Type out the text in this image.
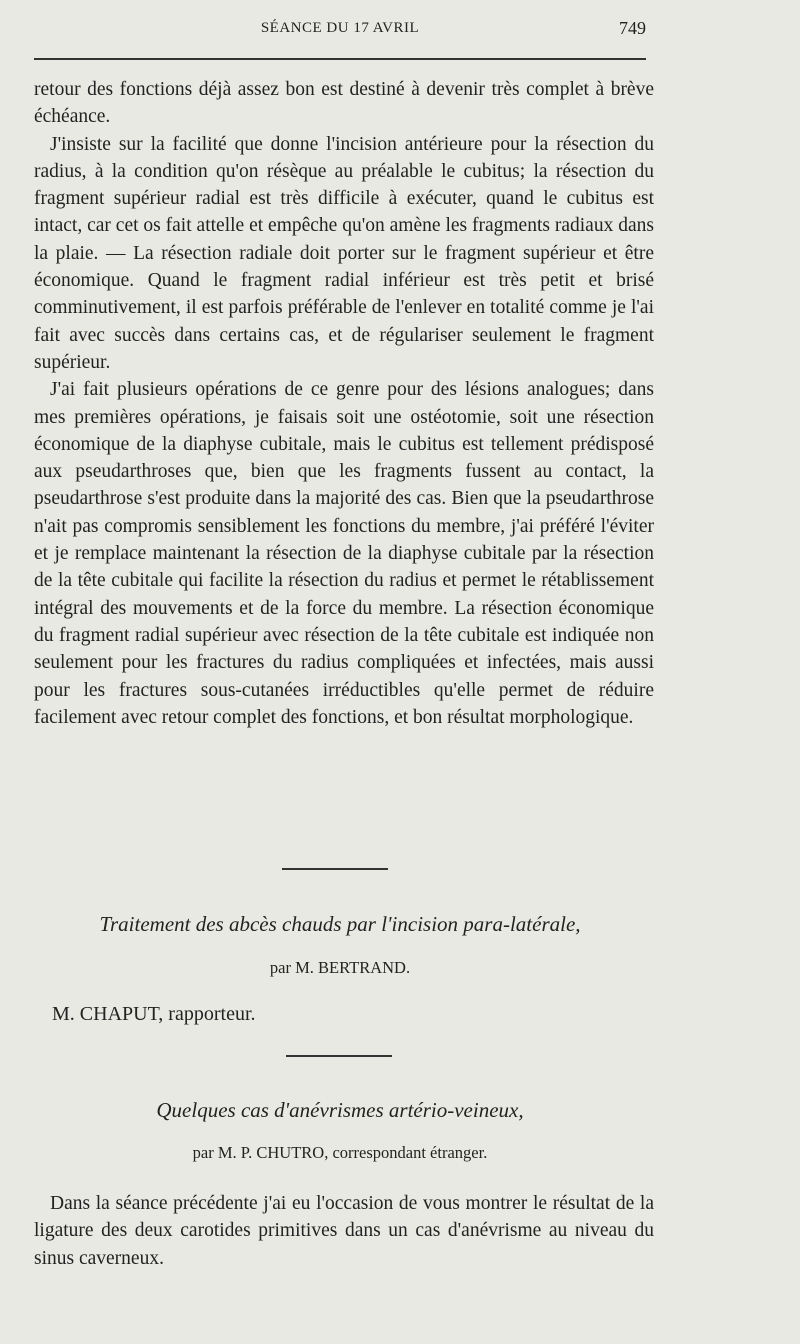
SÉANCE DU 17 AVRIL	749

retour des fonctions déjà assez bon est destiné à devenir très complet à brève échéance.

J'insiste sur la facilité que donne l'incision antérieure pour la résection du radius, à la condition qu'on résèque au préalable le cubitus; la résection du fragment supérieur radial est très difficile à exécuter, quand le cubitus est intact, car cet os fait attelle et empêche qu'on amène les fragments radiaux dans la plaie. — La résection radiale doit porter sur le fragment supérieur et être économique. Quand le fragment radial inférieur est très petit et brisé comminutivement, il est parfois préférable de l'enlever en totalité comme je l'ai fait avec succès dans certains cas, et de régulariser seulement le fragment supérieur.

J'ai fait plusieurs opérations de ce genre pour des lésions analogues; dans mes premières opérations, je faisais soit une ostéotomie, soit une résection économique de la diaphyse cubitale, mais le cubitus est tellement prédisposé aux pseudarthroses que, bien que les fragments fussent au contact, la pseudarthrose s'est produite dans la majorité des cas. Bien que la pseudarthrose n'ait pas compromis sensiblement les fonctions du membre, j'ai préféré l'éviter et je remplace maintenant la résection de la diaphyse cubitale par la résection de la tête cubitale qui facilite la résection du radius et permet le rétablissement intégral des mouvements et de la force du membre. La résection économique du fragment radial supérieur avec résection de la tête cubitale est indiquée non seulement pour les fractures du radius compliquées et infectées, mais aussi pour les fractures sous-cutanées irréductibles qu'elle permet de réduire facilement avec retour complet des fonctions, et bon résultat morphologique.

Traitement des abcès chauds par l'incision para-latérale,
par M. BERTRAND.
M. CHAPUT, rapporteur.
Quelques cas d'anévrismes artério-veineux,
par M. P. CHUTRO, correspondant étranger.

Dans la séance précédente j'ai eu l'occasion de vous montrer le résultat de la ligature des deux carotides primitives dans un cas d'anévrisme au niveau du sinus caverneux.
